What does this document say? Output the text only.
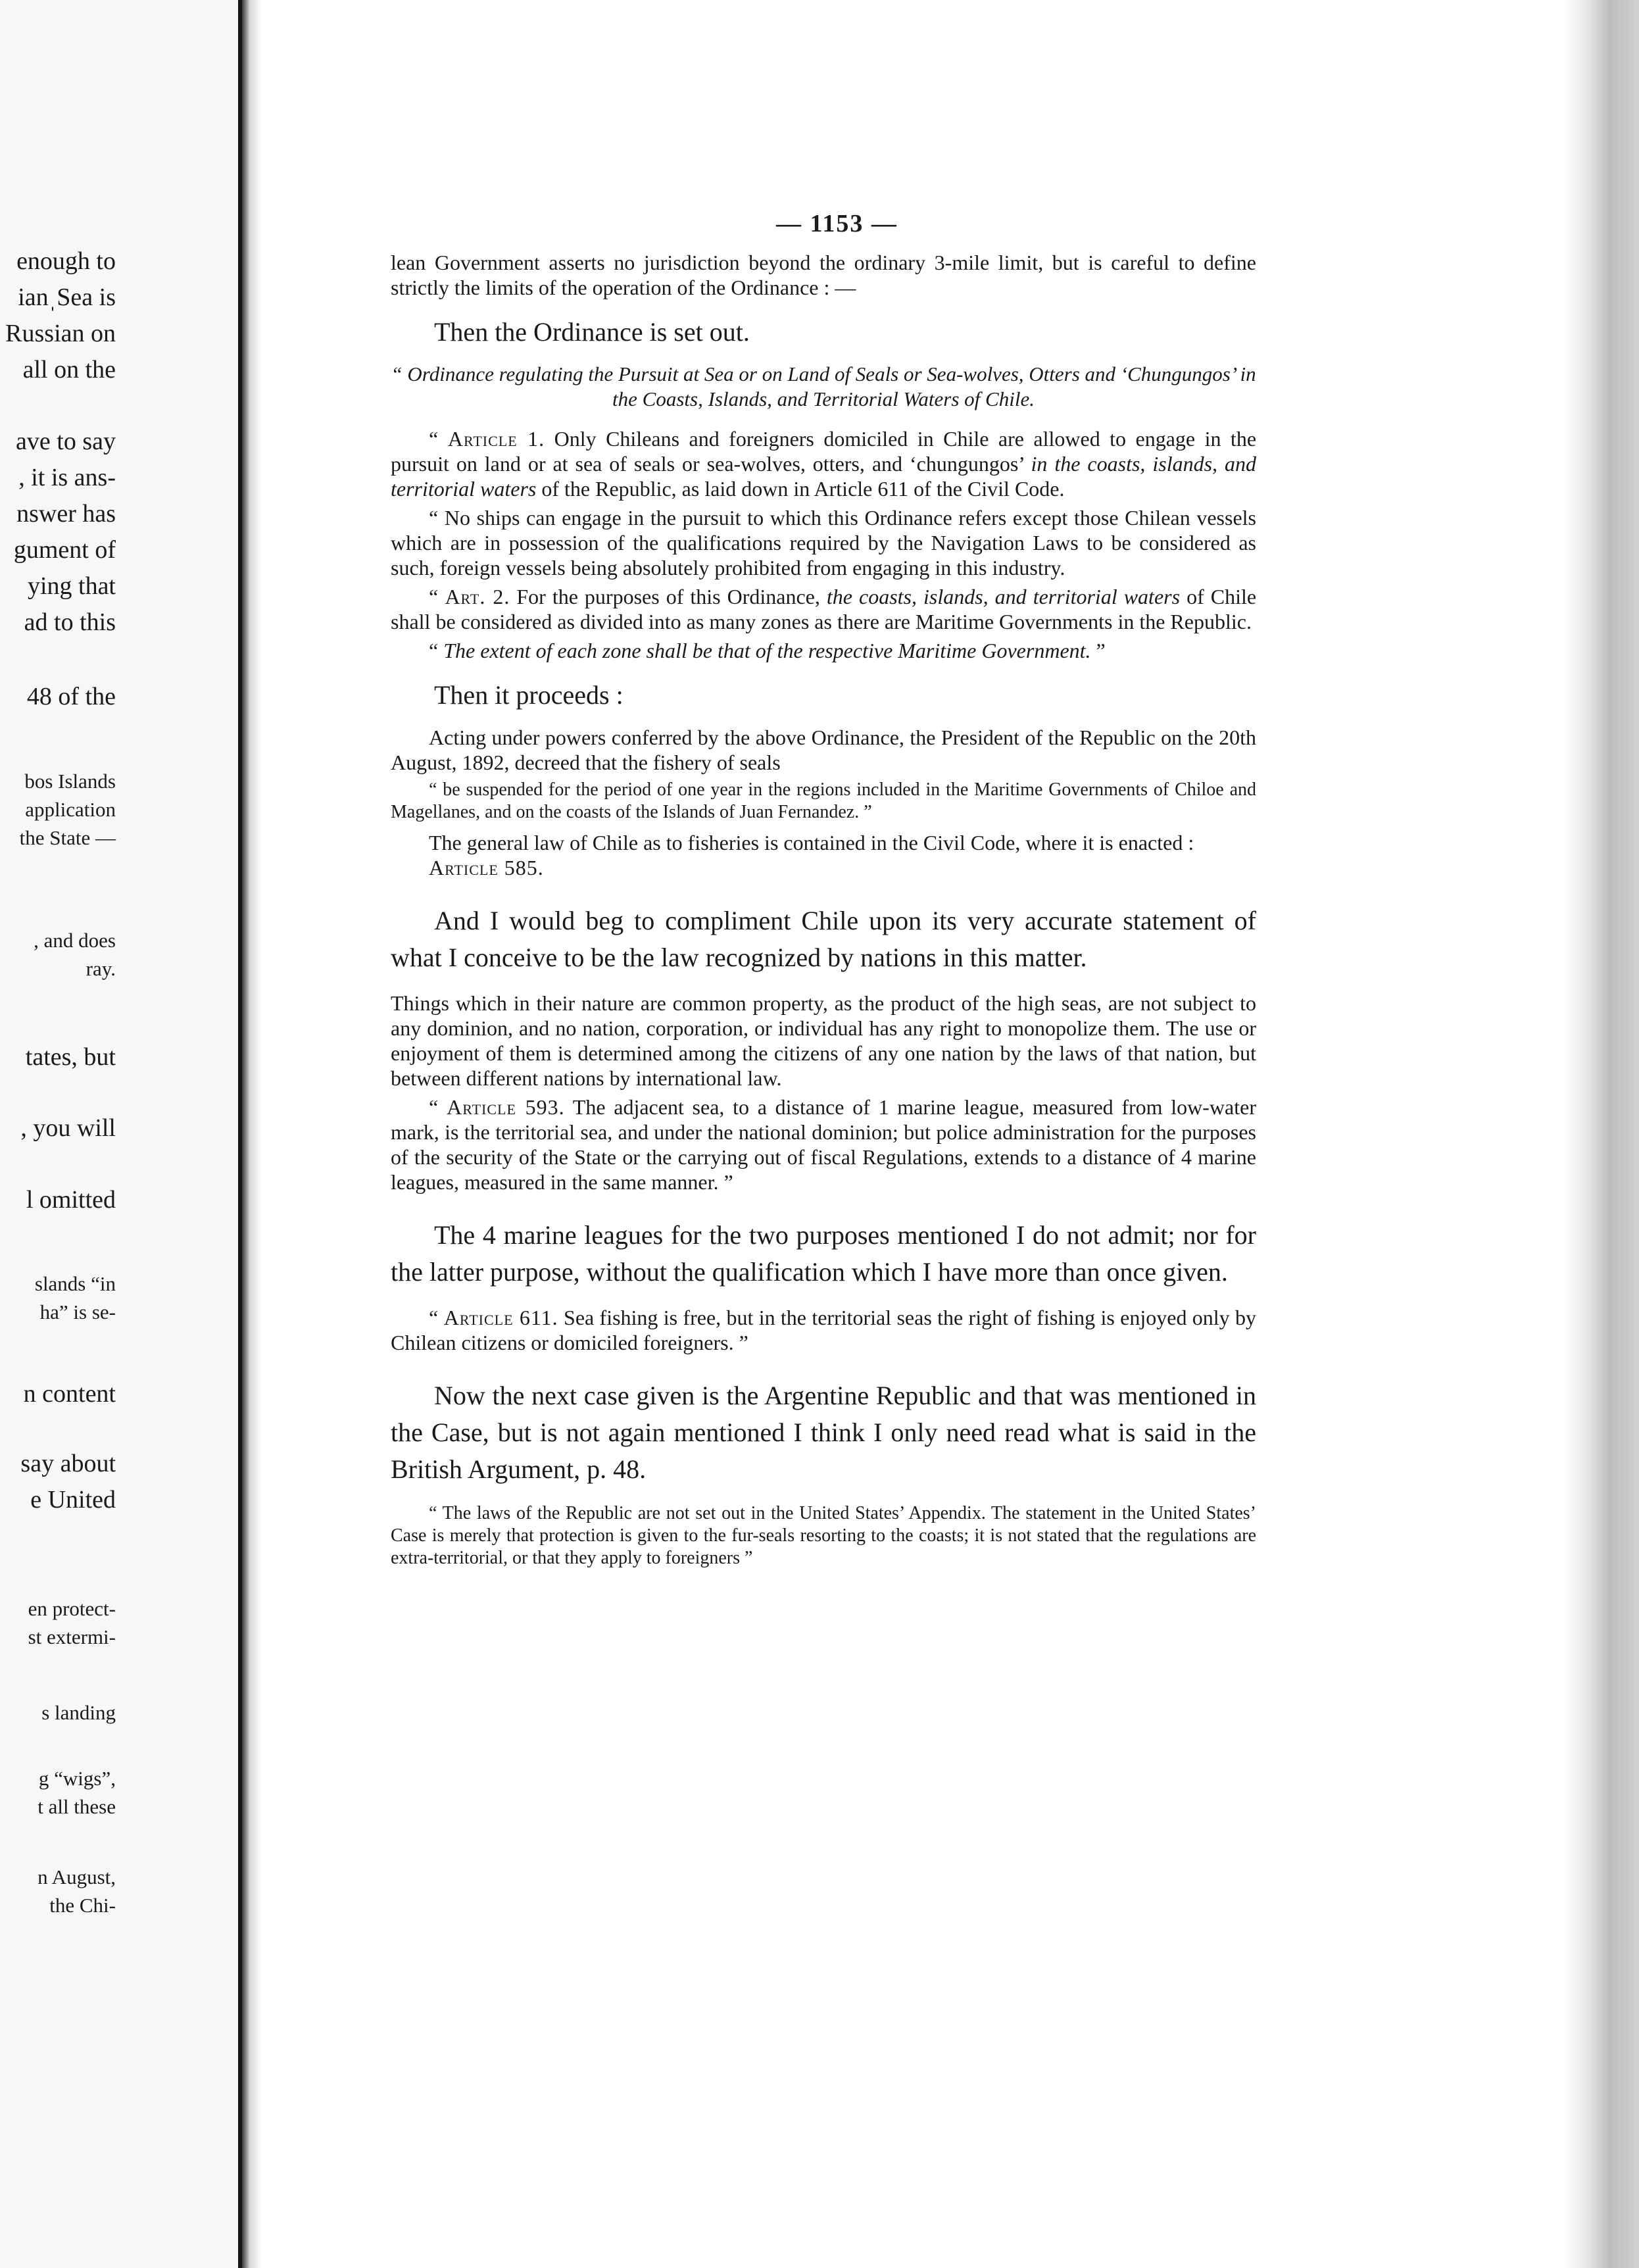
enough to
ianˌSea is
Russian on
all on the
ave to say
, it is ans-
nswer has
gument of
ying that
ad to this
48 of the
bos Islands
application
the State —
, and does
ray.
tates, but
, you will
l omitted
slands “in
ha” is se-
n content
say about
e United
en protect-
st extermi-
s landing
g “wigs”,
t all these
n August,
the Chi-
— 1153 —

lean Government asserts no jurisdiction beyond the ordinary 3-mile limit, but is careful to define strictly the limits of the operation of the Ordinance : —

Then the Ordinance is set out.

“ Ordinance regulating the Pursuit at Sea or on Land of Seals or Sea-wolves, Otters and ‘Chungungos’ in the Coasts, Islands, and Territorial Waters of Chile.

“ Article 1. Only Chileans and foreigners domiciled in Chile are allowed to engage in the pursuit on land or at sea of seals or sea-wolves, otters, and ‘chungungos’ in the coasts, islands, and territorial waters of the Republic, as laid down in Article 611 of the Civil Code.

“ No ships can engage in the pursuit to which this Ordinance refers except those Chilean vessels which are in possession of the qualifications required by the Navigation Laws to be considered as such, foreign vessels being absolutely prohibited from engaging in this industry.

“ Art. 2. For the purposes of this Ordinance, the coasts, islands, and territorial waters of Chile shall be considered as divided into as many zones as there are Maritime Governments in the Republic.

“ The extent of each zone shall be that of the respective Maritime Government. ”

Then it proceeds :

Acting under powers conferred by the above Ordinance, the President of the Republic on the 20th August, 1892, decreed that the fishery of seals

“ be suspended for the period of one year in the regions included in the Maritime Governments of Chiloe and Magellanes, and on the coasts of the Islands of Juan Fernandez. ”

The general law of Chile as to fisheries is contained in the Civil Code, where it is enacted :

Article 585.

And I would beg to compliment Chile upon its very accurate statement of what I conceive to be the law recognized by nations in this matter.

Things which in their nature are common property, as the product of the high seas, are not subject to any dominion, and no nation, corporation, or individual has any right to monopolize them. The use or enjoyment of them is determined among the citizens of any one nation by the laws of that nation, but between different nations by international law.

“ Article 593. The adjacent sea, to a distance of 1 marine league, measured from low-water mark, is the territorial sea, and under the national dominion; but police administration for the purposes of the security of the State or the carrying out of fiscal Regulations, extends to a distance of 4 marine leagues, measured in the same manner. ”

The 4 marine leagues for the two purposes mentioned I do not admit; nor for the latter purpose, without the qualification which I have more than once given.

“ Article 611. Sea fishing is free, but in the territorial seas the right of fishing is enjoyed only by Chilean citizens or domiciled foreigners. ”

Now the next case given is the Argentine Republic and that was mentioned in the Case, but is not again mentioned I think I only need read what is said in the British Argument, p. 48.

“ The laws of the Republic are not set out in the United States’ Appendix. The statement in the United States’ Case is merely that protection is given to the fur-seals resorting to the coasts; it is not stated that the regulations are extra-territorial, or that they apply to foreigners ”
